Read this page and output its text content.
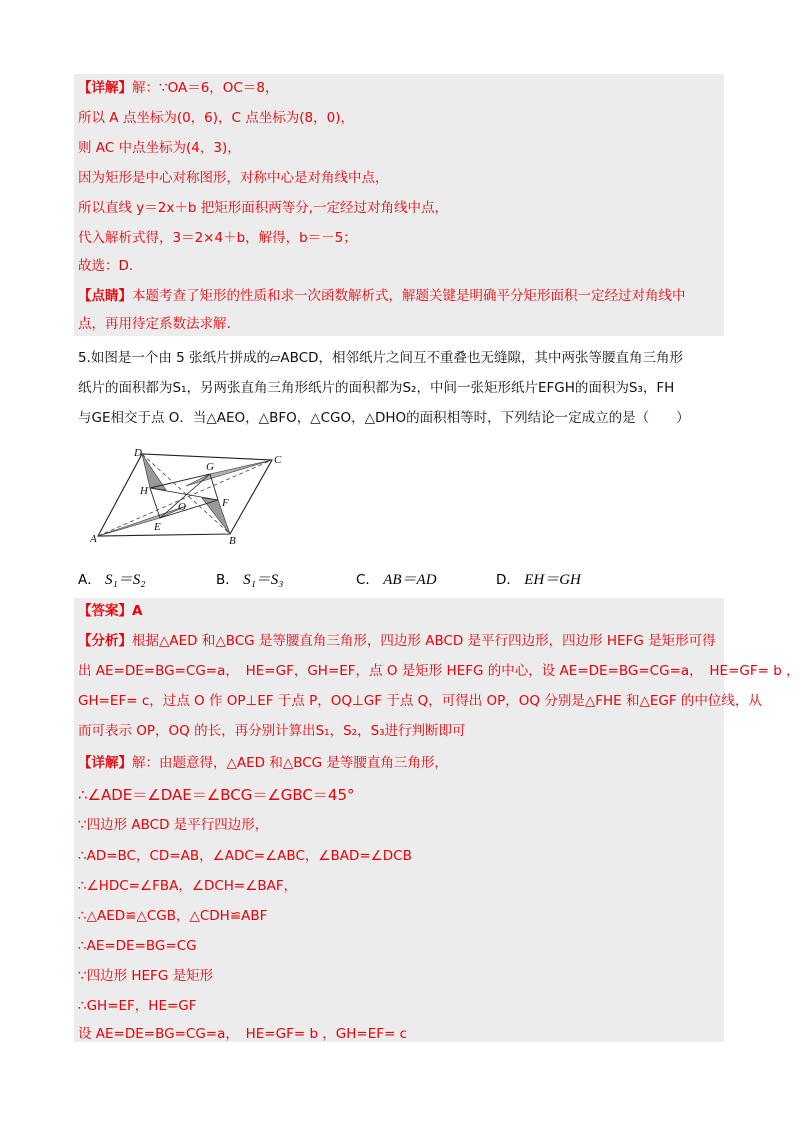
【详解】解：∵OA＝6，OC＝8，
所以 A 点坐标为(0，6)，C 点坐标为(8，0)，
则 AC 中点坐标为(4，3)，
因为矩形是中心对称图形，对称中心是对角线中点，
所以直线 y＝2x＋b 把矩形面积两等分,一定经过对角线中点，
代入解析式得，3＝2×4＋b，解得，b＝－5；
故选：D.
【点睛】本题考查了矩形的性质和求一次函数解析式，解题关键是明确平分矩形面积一定经过对角线中
点，再用待定系数法求解.
5.如图是一个由 5 张纸片拼成的▱ABCD，相邻纸片之间互不重叠也无缝隙，其中两张等腰直角三角形
纸片的面积都为S₁，另两张直角三角形纸片的面积都为S₂，中间一张矩形纸片EFGH的面积为S₃，FH
与GE相交于点 O．当△AEO，△BFO，△CGO，△DHO的面积相等时，下列结论一定成立的是（　　）
A	B
C
D
E
F
G
H
O
A． S₁＝S₂	B． S₁＝S₃	C． AB＝AD	D． EH＝GH
【答案】A
【分析】根据△AED 和△BCG 是等腰直角三角形，四边形 ABCD 是平行四边形，四边形 HEFG 是矩形可得
出 AE=DE=BG=CG=a，　HE=GF，GH=EF，点 O 是矩形 HEFG 的中心，设 AE=DE=BG=CG=a，　HE=GF= b ，
GH=EF= c，过点 O 作 OP⊥EF 于点 P，OQ⊥GF 于点 Q，可得出 OP，OQ 分别是△FHE 和△EGF 的中位线，从
而可表示 OP，OQ 的长，再分别计算出S₁，S₂，S₃进行判断即可
【详解】解：由题意得，△AED 和△BCG 是等腰直角三角形，
∴∠ADE＝∠DAE＝∠BCG＝∠GBC＝45°
∵四边形 ABCD 是平行四边形，
∴AD=BC，CD=AB，∠ADC=∠ABC，∠BAD=∠DCB
∴∠HDC=∠FBA，∠DCH=∠BAF，
∴△AED≌△CGB，△CDH≌ABF
∴AE=DE=BG=CG
∵四边形 HEFG 是矩形
∴GH=EF，HE=GF
设 AE=DE=BG=CG=a，　HE=GF= b ，GH=EF= c
